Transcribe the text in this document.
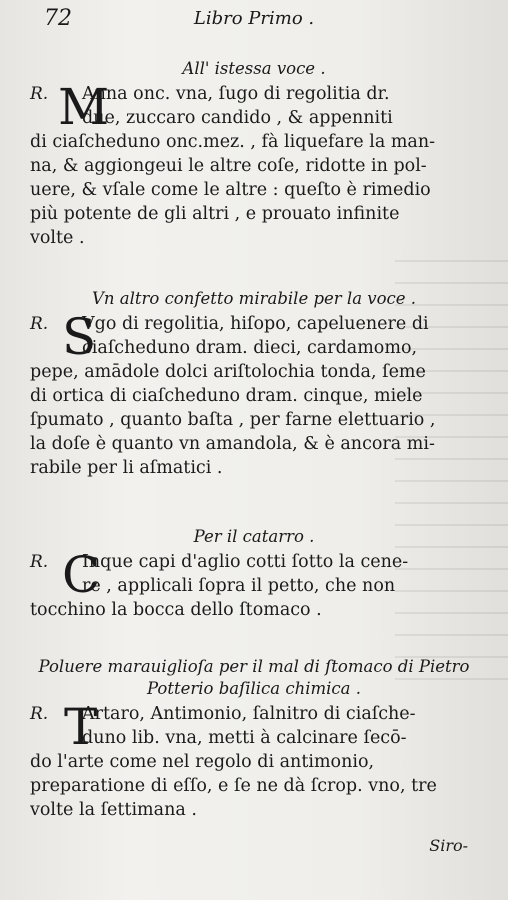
72	Libro Primo .

All' istessa voce .

R. M
Anna onc. vna, ſugo di regolitia dr.
due, zuccaro candido , & appenniti
di ciaſcheduno onc.mez. , fà liquefare la man-
na, & aggiongeui le altre coſe, ridotte in pol-
uere, & vſale come le altre : queſto è rimedio
più potente de gli altri , e prouato infinite
volte .

Vn altro confetto mirabile per la voce .

R. S
Vgo di regolitia, hiſopo, capeluenere di
ciaſcheduno dram. dieci, cardamomo,
pepe, amādole dolci ariſtolochia tonda, ſeme
di ortica di ciaſcheduno dram. cinque, miele
ſpumato , quanto baſta , per farne elettuario ,
la doſe è quanto vn amandola, & è ancora mi-
rabile per li aſmatici .

Per il catarro .

R. C
Inque capi d'aglio cotti ſotto la cene-
re , applicali ſopra il petto, che non
tocchino la bocca dello ſtomaco .

Poluere marauiglioſa per il mal di ſtomaco di Pietro

Potterio baſilica chimica .

R. T
Artaro, Antimonio, ſalnitro di ciaſche-
duno lib. vna, metti à calcinare ſecō-
do l'arte come nel regolo di antimonio,
preparatione di eſſo, e ſe ne dà ſcrop. vno, tre
volte la ſettimana .
Siro-
